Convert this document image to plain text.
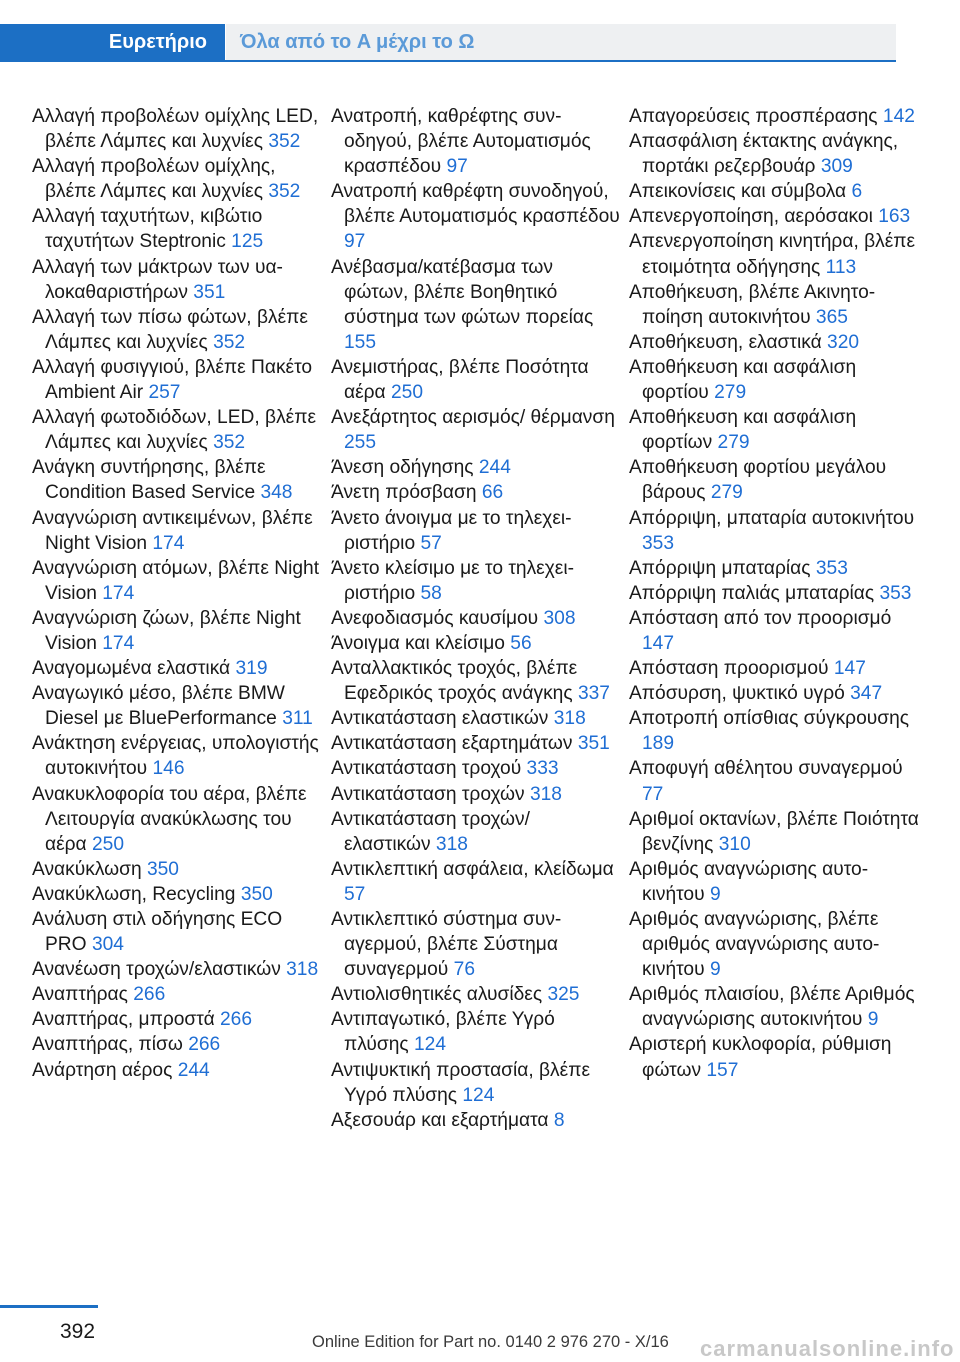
Ευρετήριο	Όλα από το A μέχρι το Ω

Αλλαγή προβολέων ομίχλης LED, βλέπε Λάμπες και λυχνίες 352

Αλλαγή προβολέων ομίχλης, βλέπε Λάμπες και λυχνίες 352

Αλλαγή ταχυτήτων, κιβώτιο ταχυτήτων Steptronic 125

Αλλαγή των μάκτρων των υαλοκαθαριστήρων 351

Αλλαγή των πίσω φώτων, βλέπε Λάμπες και λυχνίες 352

Αλλαγή φυσιγγιού, βλέπε Πακέτο Ambient Air 257

Αλλαγή φωτοδιόδων, LED, βλέπε Λάμπες και λυχνίες 352

Ανάγκη συντήρησης, βλέπε Condition Based Service 348

Αναγνώριση αντικειμένων, βλέπε Night Vision 174

Αναγνώριση ατόμων, βλέπε Night Vision 174

Αναγνώριση ζώων, βλέπε Night Vision 174

Αναγομωμένα ελαστικά 319

Αναγωγικό μέσο, βλέπε BMW Diesel με BluePerformance 311

Ανάκτηση ενέργειας, υπολογιστής αυτοκινήτου 146

Ανακυκλοφορία του αέρα, βλέπε Λειτουργία ανακύκλωσης του αέρα 250

Ανακύκλωση 350

Ανακύκλωση, Recycling 350

Ανάλυση στιλ οδήγησης ECO PRO 304

Ανανέωση τροχών/ελαστικών 318

Αναπτήρας 266

Αναπτήρας, μπροστά 266

Αναπτήρας, πίσω 266

Ανάρτηση αέρος 244

Ανατροπή, καθρέφτης συνοδηγού, βλέπε Αυτοματισμός κρασπέδου 97

Ανατροπή καθρέφτη συνοδηγού, βλέπε Αυτοματισμός κρασπέδου 97

Ανέβασμα/κατέβασμα των φώτων, βλέπε Βοηθητικό σύστημα των φώτων πορείας 155

Ανεμιστήρας, βλέπε Ποσότητα αέρα 250

Ανεξάρτητος αερισμός/ θέρμανση 255

Άνεση οδήγησης 244

Άνετη πρόσβαση 66

Άνετο άνοιγμα με το τηλεχειριστήριο 57

Άνετο κλείσιμο με το τηλεχειριστήριο 58

Ανεφοδιασμός καυσίμου 308

Άνοιγμα και κλείσιμο 56

Ανταλλακτικός τροχός, βλέπε Εφεδρικός τροχός ανάγκης 337

Αντικατάσταση ελαστικών 318

Αντικατάσταση εξαρτημάτων 351

Αντικατάσταση τροχού 333

Αντικατάσταση τροχών 318

Αντικατάσταση τροχών/ ελαστικών 318

Αντικλεπτική ασφάλεια, κλείδωμα 57

Αντικλεπτικό σύστημα συναγερμού, βλέπε Σύστημα συναγερμού 76

Αντιολισθητικές αλυσίδες 325

Αντιπαγωτικό, βλέπε Υγρό πλύσης 124

Αντιψυκτική προστασία, βλέπε Υγρό πλύσης 124

Αξεσουάρ και εξαρτήματα 8

Απαγορεύσεις προσπέρασης 142

Απασφάλιση έκτακτης ανάγκης, πορτάκι ρεζερβουάρ 309

Απεικονίσεις και σύμβολα 6

Απενεργοποίηση, αερόσακοι 163

Απενεργοποίηση κινητήρα, βλέπε ετοιμότητα οδήγησης 113

Αποθήκευση, βλέπε Ακινητοποίηση αυτοκινήτου 365

Αποθήκευση, ελαστικά 320

Αποθήκευση και ασφάλιση φορτίου 279

Αποθήκευση και ασφάλιση φορτίων 279

Αποθήκευση φορτίου μεγάλου βάρους 279

Απόρριψη, μπαταρία αυτοκινήτου 353

Απόρριψη μπαταρίας 353

Απόρριψη παλιάς μπαταρίας 353

Απόσταση από τον προορισμό 147

Απόσταση προορισμού 147

Απόσυρση, ψυκτικό υγρό 347

Αποτροπή οπίσθιας σύγκρουσης 189

Αποφυγή αθέλητου συναγερμού 77

Αριθμοί οκτανίων, βλέπε Ποιότητα βενζίνης 310

Αριθμός αναγνώρισης αυτοκινήτου 9

Αριθμός αναγνώρισης, βλέπε αριθμός αναγνώρισης αυτοκινήτου 9

Αριθμός πλαισίου, βλέπε Αριθμός αναγνώρισης αυτοκινήτου 9

Αριστερή κυκλοφορία, ρύθμιση φώτων 157

392	Online Edition for Part no. 0140 2 976 270 - X/16	carmanualsonline.info
